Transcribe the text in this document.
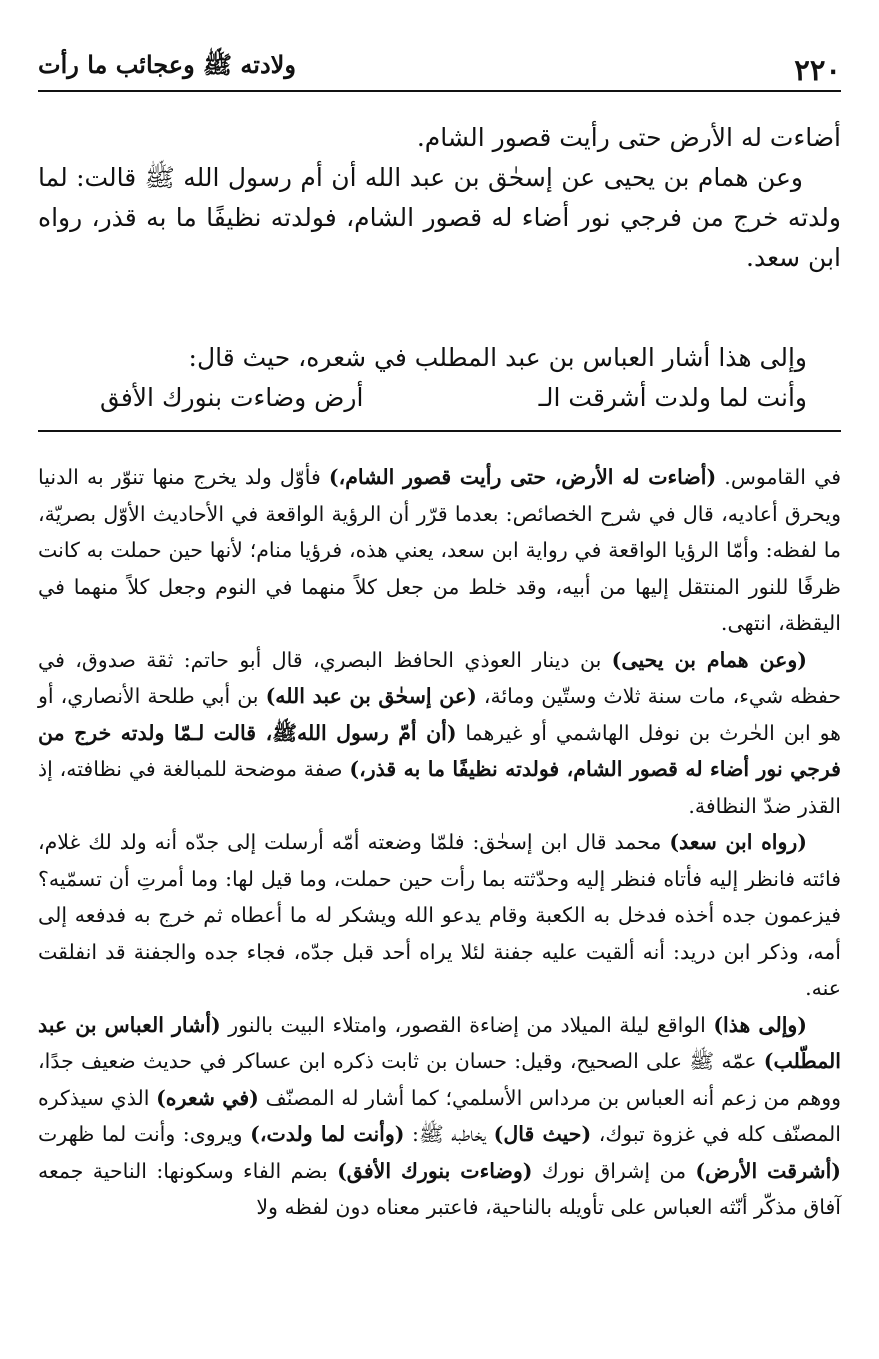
٢٢٠
ولادته ﷺ وعجائب ما رأت

أضاءت له الأرض حتى رأيت قصور الشام.

وعن همام بن يحيى عن إسحٰق بن عبد الله أن أم رسول الله ﷺ قالت: لما ولدته خرج من فرجي نور أضاء له قصور الشام، فولدته نظيفًا ما به قذر، رواه ابن سعد.

وإلى هذا أشار العباس بن عبد المطلب في شعره، حيث قال:

وأنت لما ولدت أشرقت الـ
أرض وضاءت بنورك الأفق

في القاموس. (أضاءت له الأرض، حتى رأيت قصور الشام،) فأوّل ولد يخرج منها تنوّر به الدنيا ويحرق أعاديه، قال في شرح الخصائص: بعدما قرّر أن الرؤية الواقعة في الأحاديث الأوّل بصريّة، ما لفظه: وأمّا الرؤيا الواقعة في رواية ابن سعد، يعني هذه، فرؤيا منام؛ لأنها حين حملت به كانت ظرفًا للنور المنتقل إليها من أبيه، وقد خلط من جعل كلاً منهما في النوم وجعل كلاً منهما في اليقظة، انتهى.

(وعن همام بن يحيى) بن دينار العوذي الحافظ البصري، قال أبو حاتم: ثقة صدوق، في حفظه شيء، مات سنة ثلاث وستّين ومائة، (عن إسحٰق بن عبد الله) بن أبي طلحة الأنصاري، أو هو ابن الحٰرث بن نوفل الهاشمي أو غيرهما (أن أمّ رسول اللهﷺ، قالت لـمّا ولدته خرج من فرجي نور أضاء له قصور الشام، فولدته نظيفًا ما به قذر،) صفة موضحة للمبالغة في نظافته، إذ القذر ضدّ النظافة.

(رواه ابن سعد) محمد قال ابن إسحٰق: فلمّا وضعته أمّه أرسلت إلى جدّه أنه ولد لك غلام، فائته فانظر إليه فأتاه فنظر إليه وحدّثته بما رأت حين حملت، وما قيل لها: وما أمرتِ أن تسمّيه؟ فيزعمون جده أخذه فدخل به الكعبة وقام يدعو الله ويشكر له ما أعطاه ثم خرج به فدفعه إلى أمه، وذكر ابن دريد: أنه ألقيت عليه جفنة لئلا يراه أحد قبل جدّه، فجاء جده والجفنة قد انفلقت عنه.

(وإلى هذا) الواقع ليلة الميلاد من إضاءة القصور، وامتلاء البيت بالنور (أشار العباس بن عبد المطّلب) عمّه ﷺ على الصحيح، وقيل: حسان بن ثابت ذكره ابن عساكر في حديث ضعيف جدًا، ووهم من زعم أنه العباس بن مرداس الأسلمي؛ كما أشار له المصنّف (في شعره) الذي سيذكره المصنّف كله في غزوة تبوك، (حيث قال) يخاطبه ﷺ: (وأنت لما ولدت،) ويروى: وأنت لما ظهرت (أشرقت الأرض) من إشراق نورك (وضاءت بنورك الأفق) بضم الفاء وسكونها: الناحية جمعه آفاق مذكّر أنّثه العباس على تأويله بالناحية، فاعتبر معناه دون لفظه ولا
